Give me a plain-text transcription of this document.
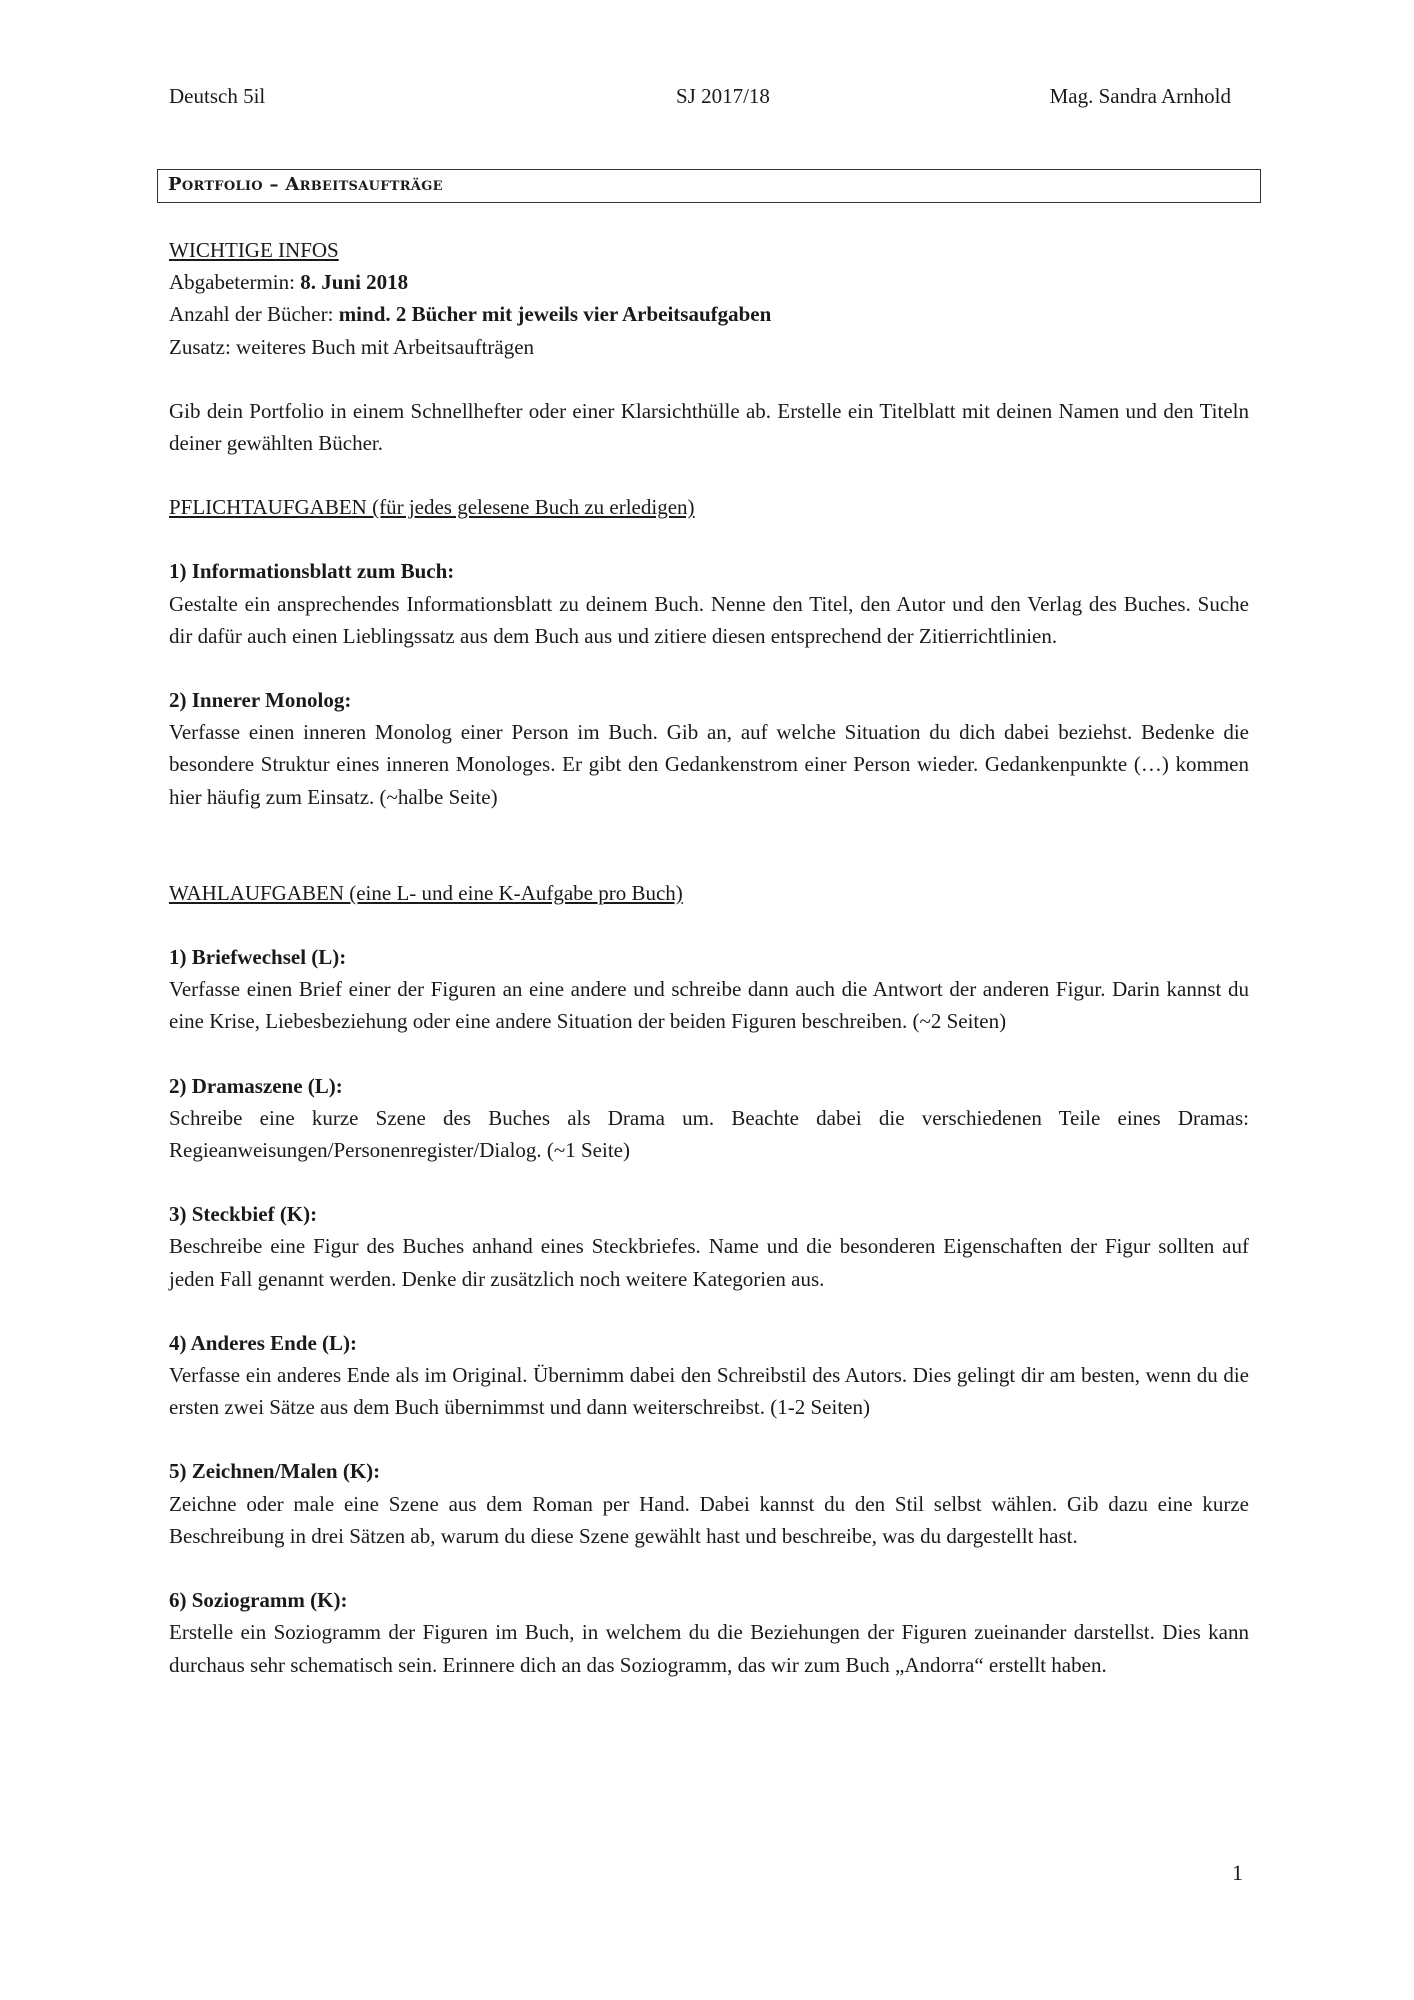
Deutsch 5il	SJ 2017/18	Mag. Sandra Arnhold
Portfolio – Arbeitsaufträge

WICHTIGE INFOS

Abgabetermin: 8. Juni 2018

Anzahl der Bücher: mind. 2 Bücher mit jeweils vier Arbeitsaufgaben

Zusatz: weiteres Buch mit Arbeitsaufträgen

Gib dein Portfolio in einem Schnellhefter oder einer Klarsichthülle ab. Erstelle ein Titelblatt mit deinen Namen und den Titeln deiner gewählten Bücher.

PFLICHTAUFGABEN (für jedes gelesene Buch zu erledigen)

1) Informationsblatt zum Buch:

Gestalte ein ansprechendes Informationsblatt zu deinem Buch. Nenne den Titel, den Autor und den Verlag des Buches. Suche dir dafür auch einen Lieblingssatz aus dem Buch aus und zitiere diesen entsprechend der Zitierrichtlinien.

2) Innerer Monolog:

Verfasse einen inneren Monolog einer Person im Buch. Gib an, auf welche Situation du dich dabei beziehst. Bedenke die besondere Struktur eines inneren Monologes. Er gibt den Gedankenstrom einer Person wieder. Gedankenpunkte (…) kommen hier häufig zum Einsatz. (~halbe Seite)

WAHLAUFGABEN (eine L- und eine K-Aufgabe pro Buch)

1) Briefwechsel (L):

Verfasse einen Brief einer der Figuren an eine andere und schreibe dann auch die Antwort der anderen Figur. Darin kannst du eine Krise, Liebesbeziehung oder eine andere Situation der beiden Figuren beschreiben. (~2 Seiten)

2) Dramaszene (L):

Schreibe eine kurze Szene des Buches als Drama um. Beachte dabei die verschiedenen Teile eines Dramas: Regieanweisungen/Personenregister/Dialog. (~1 Seite)

3) Steckbief (K):

Beschreibe eine Figur des Buches anhand eines Steckbriefes. Name und die besonderen Eigenschaften der Figur sollten auf jeden Fall genannt werden. Denke dir zusätzlich noch weitere Kategorien aus.

4) Anderes Ende (L):

Verfasse ein anderes Ende als im Original. Übernimm dabei den Schreibstil des Autors. Dies gelingt dir am besten, wenn du die ersten zwei Sätze aus dem Buch übernimmst und dann weiterschreibst. (1-2 Seiten)

5) Zeichnen/Malen (K):

Zeichne oder male eine Szene aus dem Roman per Hand. Dabei kannst du den Stil selbst wählen. Gib dazu eine kurze Beschreibung in drei Sätzen ab, warum du diese Szene gewählt hast und beschreibe, was du dargestellt hast.

6) Soziogramm (K):

Erstelle ein Soziogramm der Figuren im Buch, in welchem du die Beziehungen der Figuren zueinander darstellst. Dies kann durchaus sehr schematisch sein. Erinnere dich an das Soziogramm, das wir zum Buch „Andorra“ erstellt haben.

1
